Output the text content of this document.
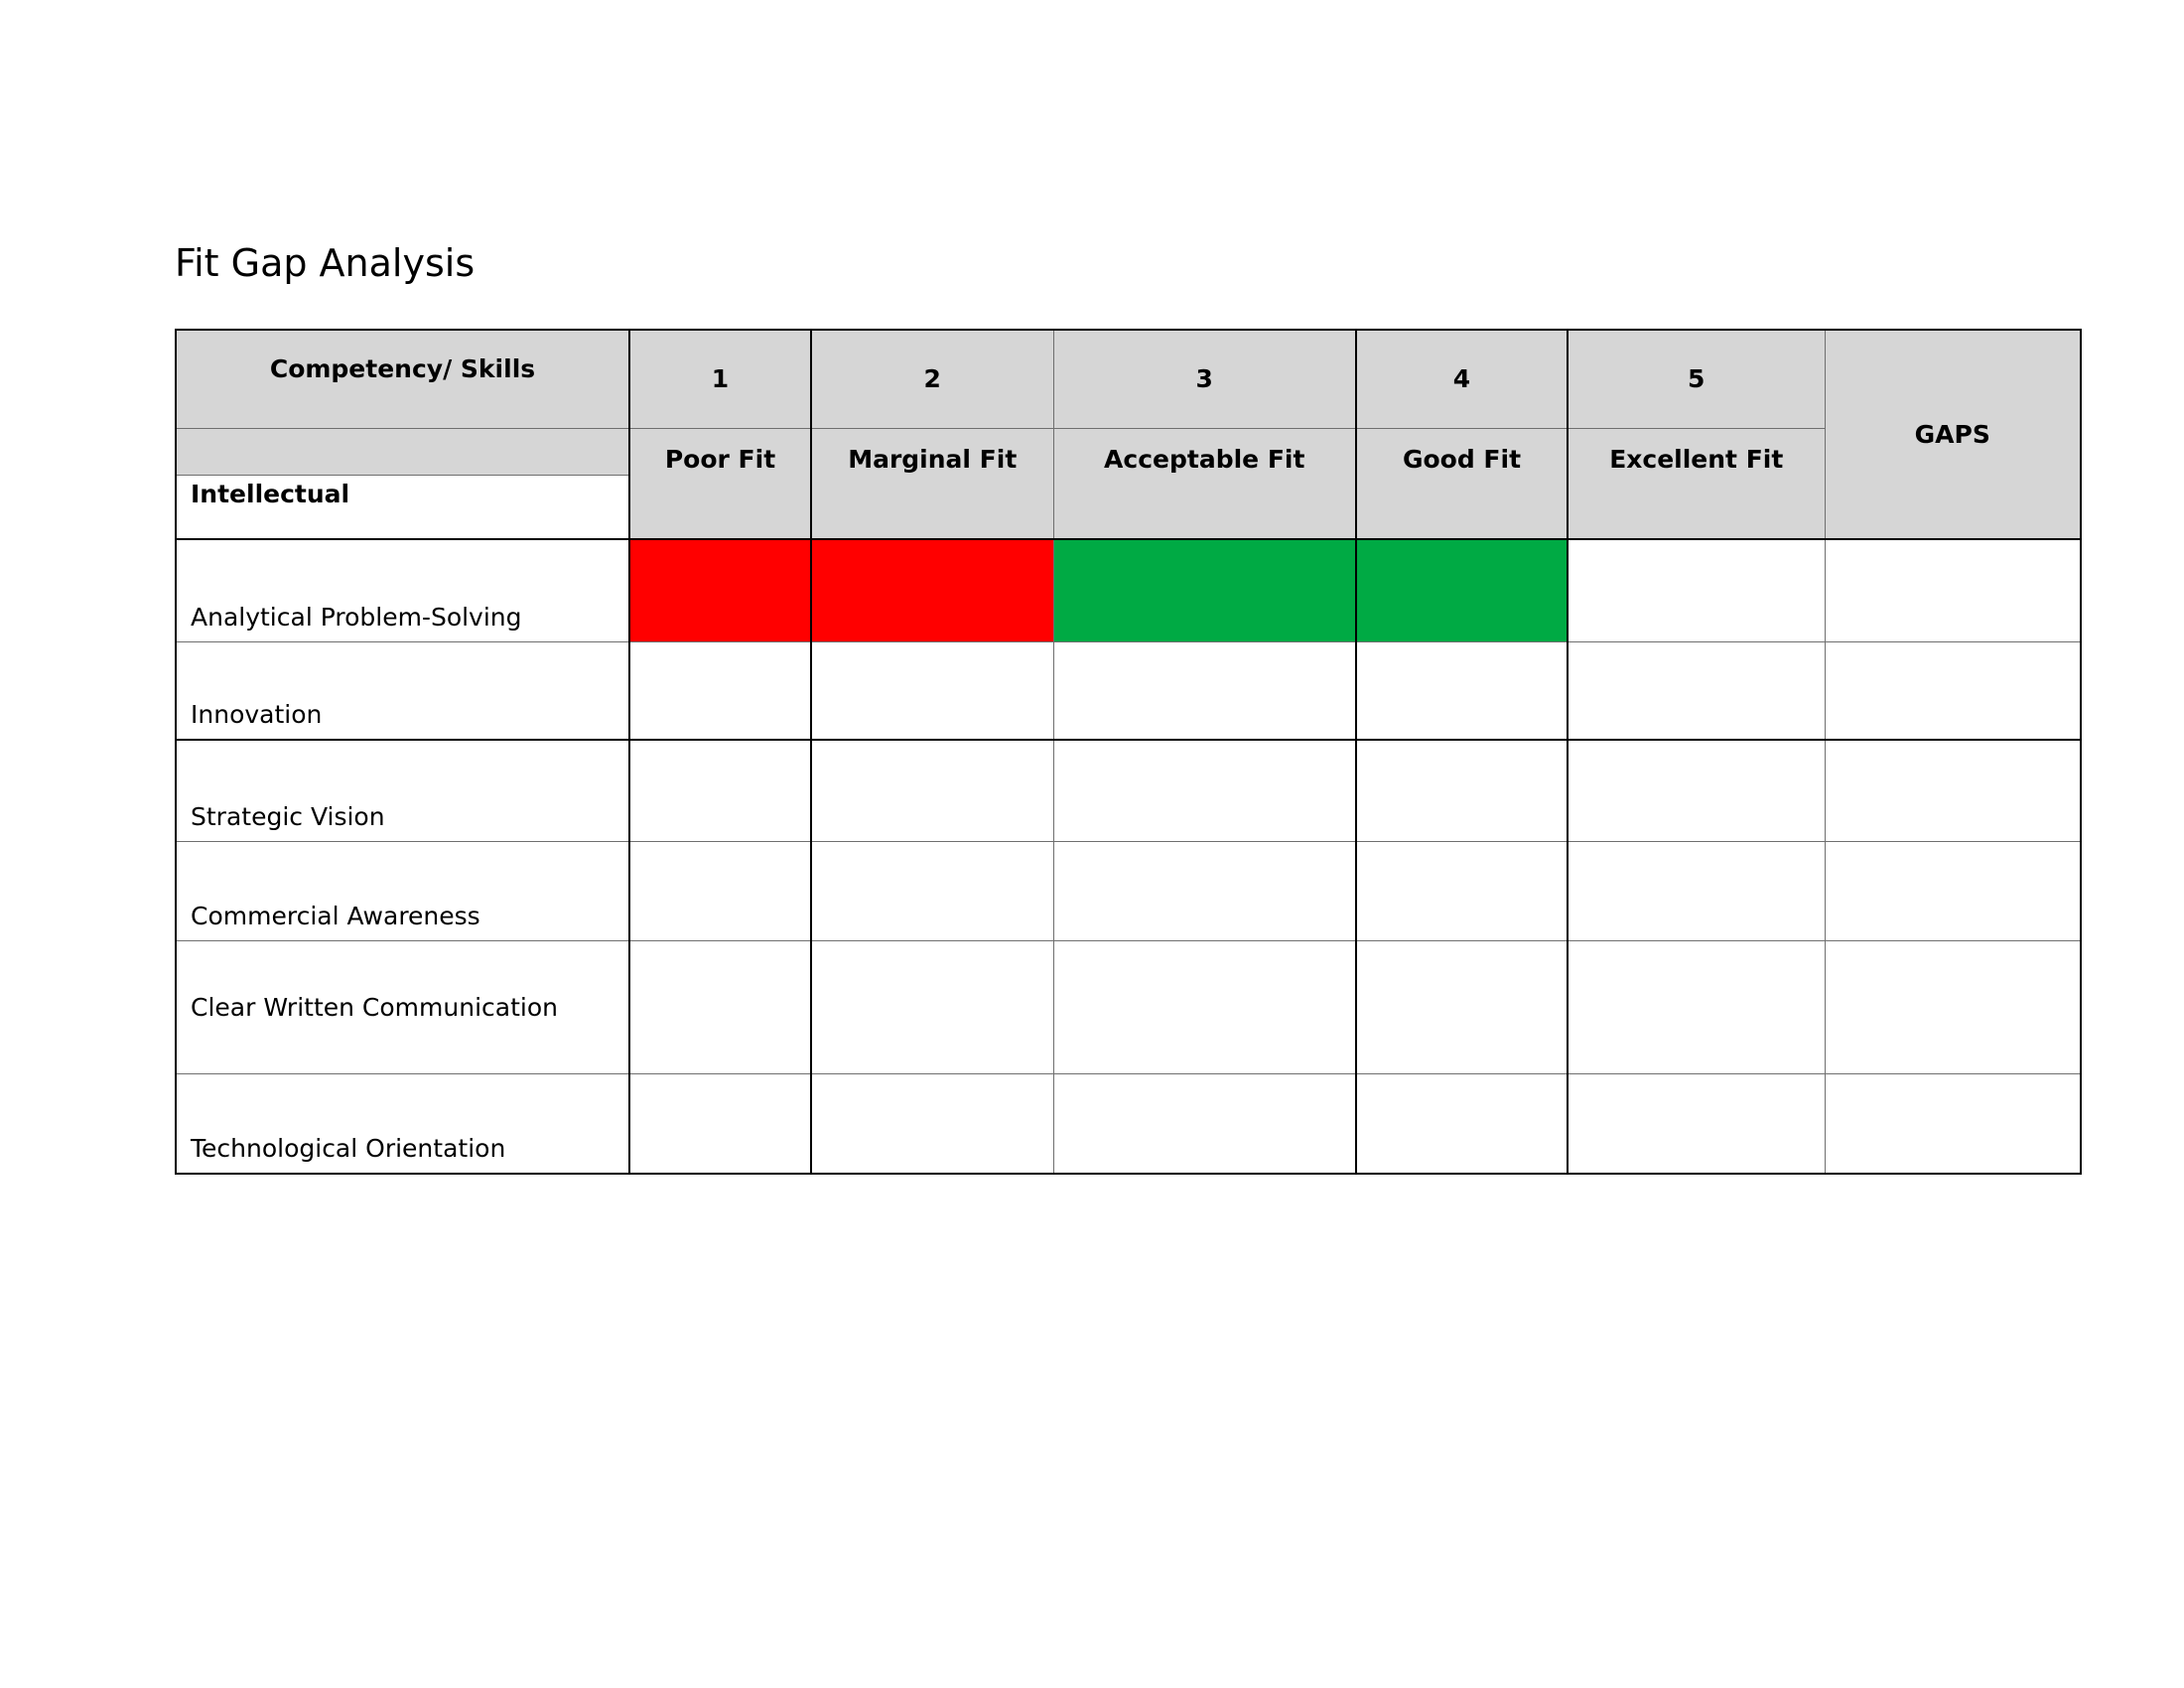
Fit Gap Analysis
Competency/ Skills	1	2	3	4	5	GAPS
	Poor Fit	Marginal Fit	Acceptable Fit	Good Fit	Excellent Fit	
Intellectual						
Analytical Problem-Solving						
Innovation						
Strategic Vision						
Commercial Awareness						
Clear Written Communication						
Technological Orientation						
